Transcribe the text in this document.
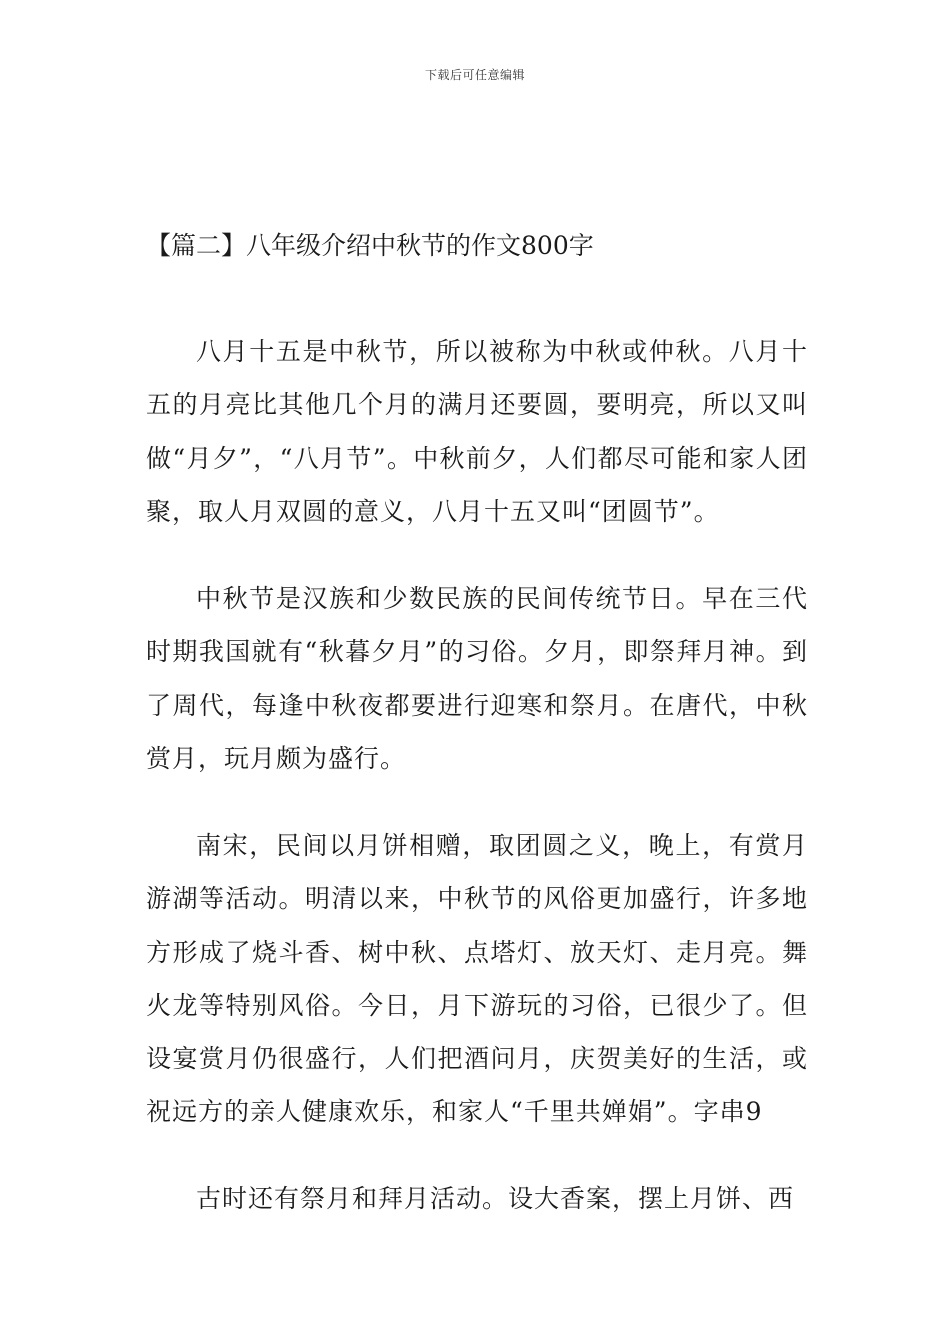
下载后可任意编辑
【篇二】八年级介绍中秋节的作文800字

八月十五是中秋节，所以被称为中秋或仲秋。八月十五的月亮比其他几个月的满月还要圆，要明亮，所以又叫做“月夕”，“八月节”。中秋前夕，人们都尽可能和家人团聚，取人月双圆的意义，八月十五又叫“团圆节”。

中秋节是汉族和少数民族的民间传统节日。早在三代时期我国就有“秋暮夕月”的习俗。夕月，即祭拜月神。到了周代，每逢中秋夜都要进行迎寒和祭月。在唐代，中秋赏月，玩月颇为盛行。

南宋，民间以月饼相赠，取团圆之义，晚上，有赏月游湖等活动。明清以来，中秋节的风俗更加盛行，许多地方形成了烧斗香、树中秋、点塔灯、放天灯、走月亮。舞火龙等特别风俗。今日，月下游玩的习俗，已很少了。但设宴赏月仍很盛行，人们把酒问月，庆贺美好的生活，或祝远方的亲人健康欢乐，和家人“千里共婵娟”。字串9

古时还有祭月和拜月活动。设大香案，摆上月饼、西
